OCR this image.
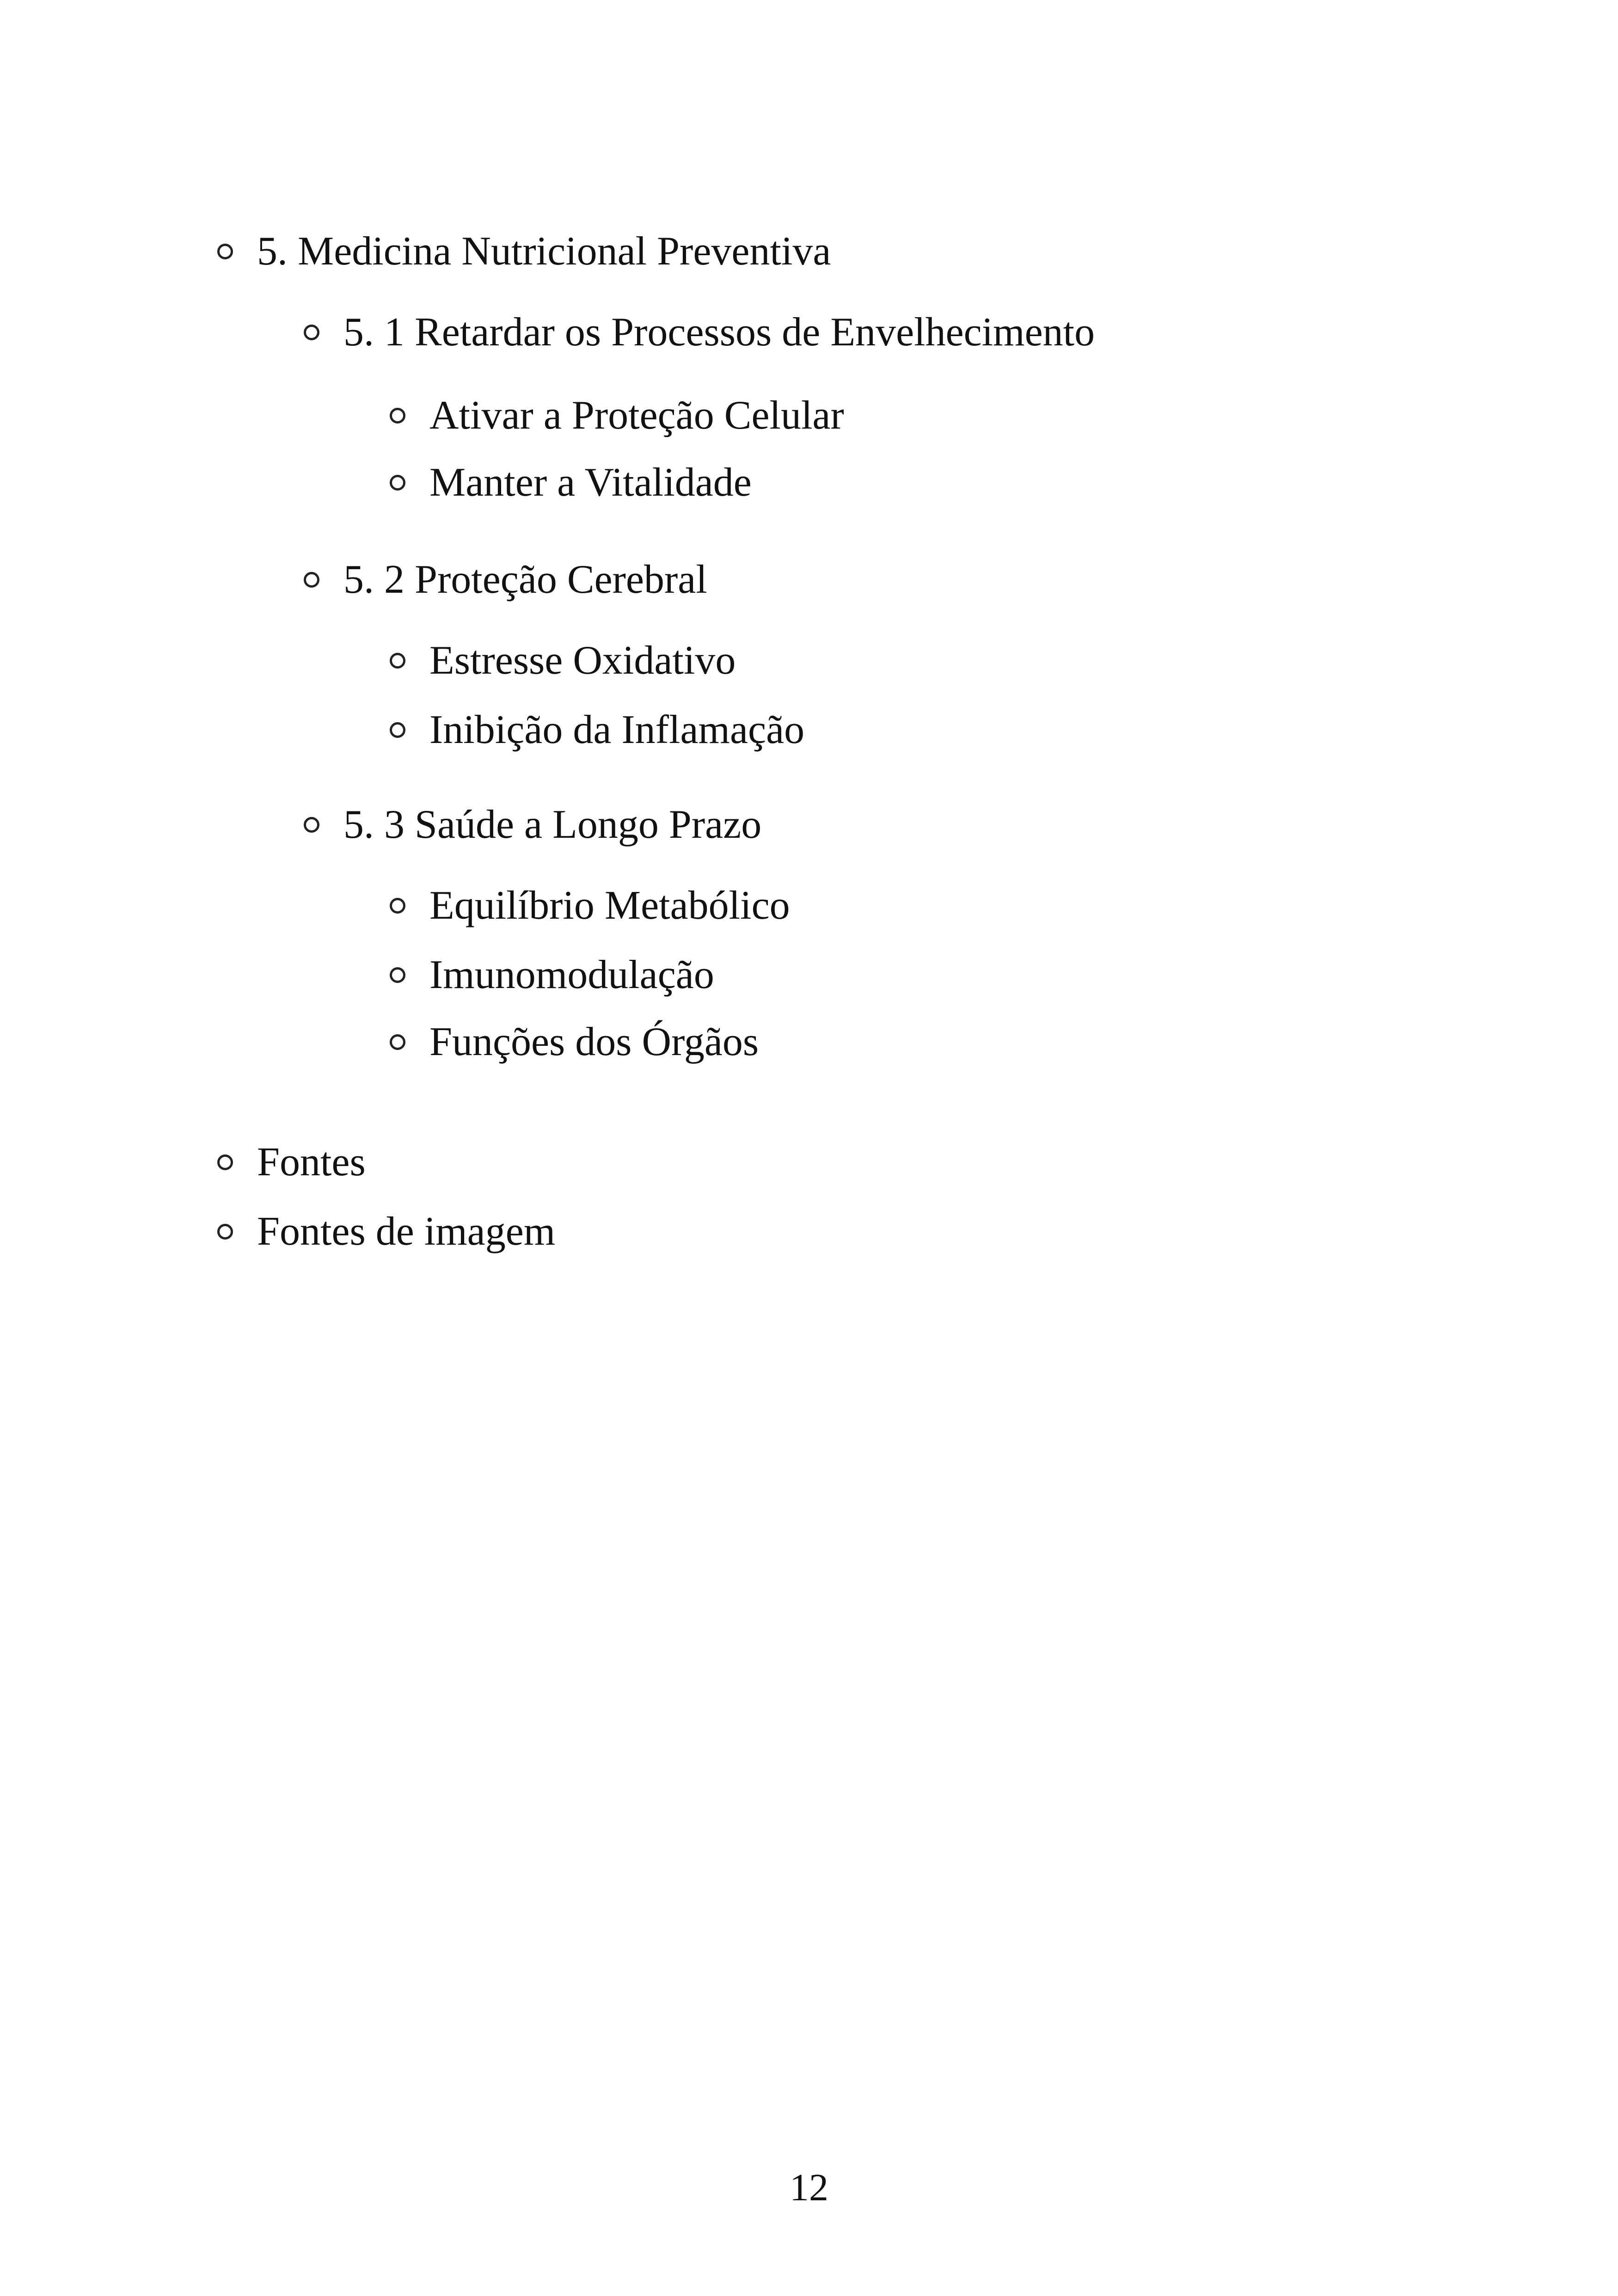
5. Medicina Nutricional Preventiva
5. 1 Retardar os Processos de Envelhecimento
Ativar a Proteção Celular
Manter a Vitalidade
5. 2 Proteção Cerebral
Estresse Oxidativo
Inibição da Inflamação
5. 3 Saúde a Longo Prazo
Equilíbrio Metabólico
Imunomodulação
Funções dos Órgãos
Fontes
Fontes de imagem
12
